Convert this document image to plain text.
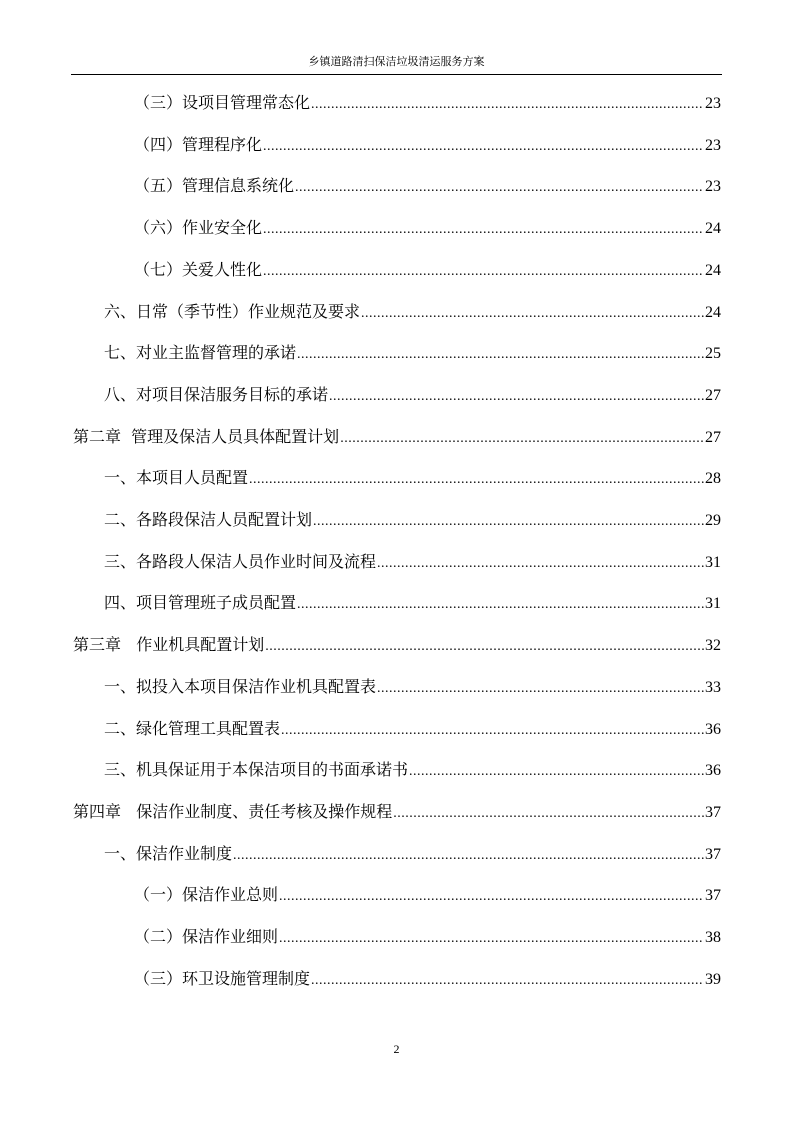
乡镇道路清扫保洁垃圾清运服务方案
（三）设项目管理常态化 .....	23
（四）管理程序化 .....	23
（五）管理信息系统化 .....	23
（六）作业安全化 .....	24
（七）关爱人性化 .....	24
六、日常（季节性）作业规范及要求 .....	24
七、对业主监督管理的承诺 .....	25
八、对项目保洁服务目标的承诺 .....	27
第二章  管理及保洁人员具体配置计划 .....	27
一、本项目人员配置 .....	28
二、各路段保洁人员配置计划 .....	29
三、各路段人保洁人员作业时间及流程 .....	31
四、项目管理班子成员配置 .....	31
第三章   作业机具配置计划 .....	32
一、拟投入本项目保洁作业机具配置表 .....	33
二、绿化管理工具配置表 .....	36
三、机具保证用于本保洁项目的书面承诺书 .....	36
第四章   保洁作业制度、责任考核及操作规程 .....	37
一、保洁作业制度 .....	37
（一）保洁作业总则 .....	37
（二）保洁作业细则 .....	38
（三）环卫设施管理制度 .....	39
2
